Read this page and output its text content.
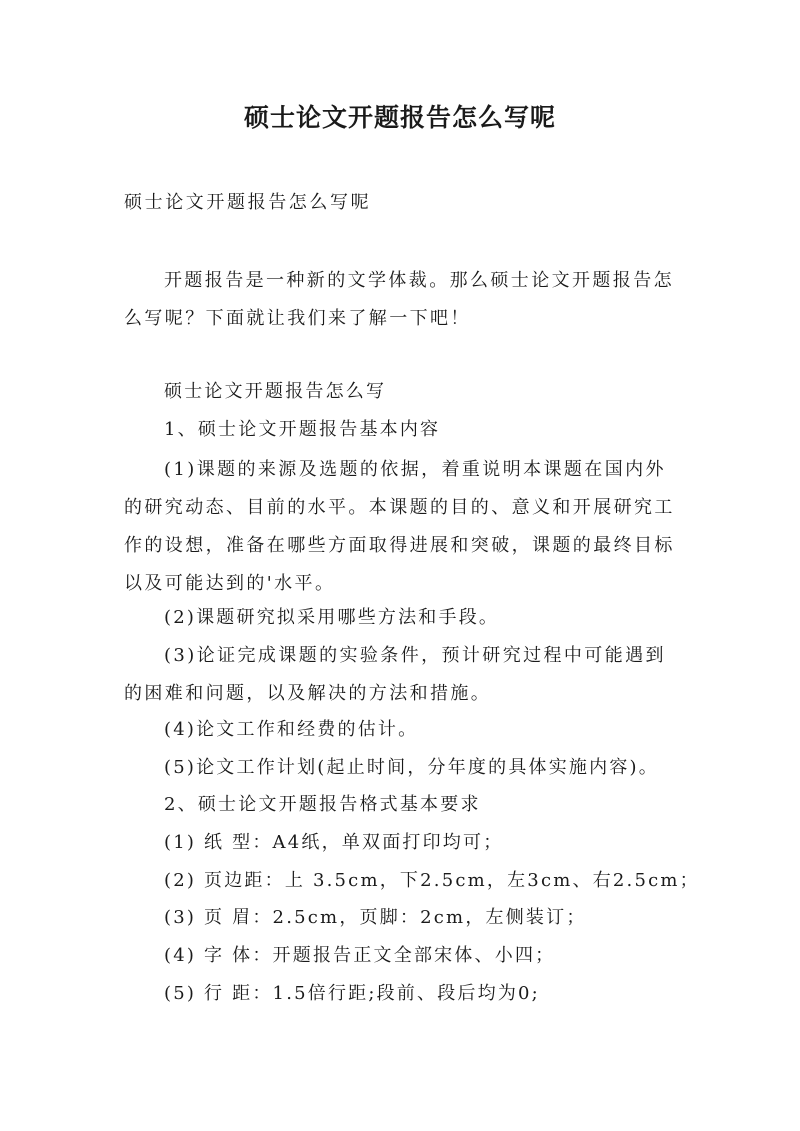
硕士论文开题报告怎么写呢
硕士论文开题报告怎么写呢
开题报告是一种新的文学体裁。那么硕士论文开题报告怎么写呢？下面就让我们来了解一下吧！
硕士论文开题报告怎么写
1、硕士论文开题报告基本内容
(1)课题的来源及选题的依据，着重说明本课题在国内外的研究动态、目前的水平。本课题的目的、意义和开展研究工作的设想，准备在哪些方面取得进展和突破，课题的最终目标以及可能达到的'水平。
(2)课题研究拟采用哪些方法和手段。
(3)论证完成课题的实验条件，预计研究过程中可能遇到的困难和问题，以及解决的方法和措施。
(4)论文工作和经费的估计。
(5)论文工作计划(起止时间，分年度的具体实施内容)。
2、硕士论文开题报告格式基本要求
(1) 纸 型：A4纸，单双面打印均可；
(2) 页边距：上 3.5cm，下2.5cm，左3cm、右2.5cm；
(3) 页 眉：2.5cm，页脚：2cm，左侧装订；
(4) 字 体：开题报告正文全部宋体、小四；
(5) 行 距：1.5倍行距;段前、段后均为0;
